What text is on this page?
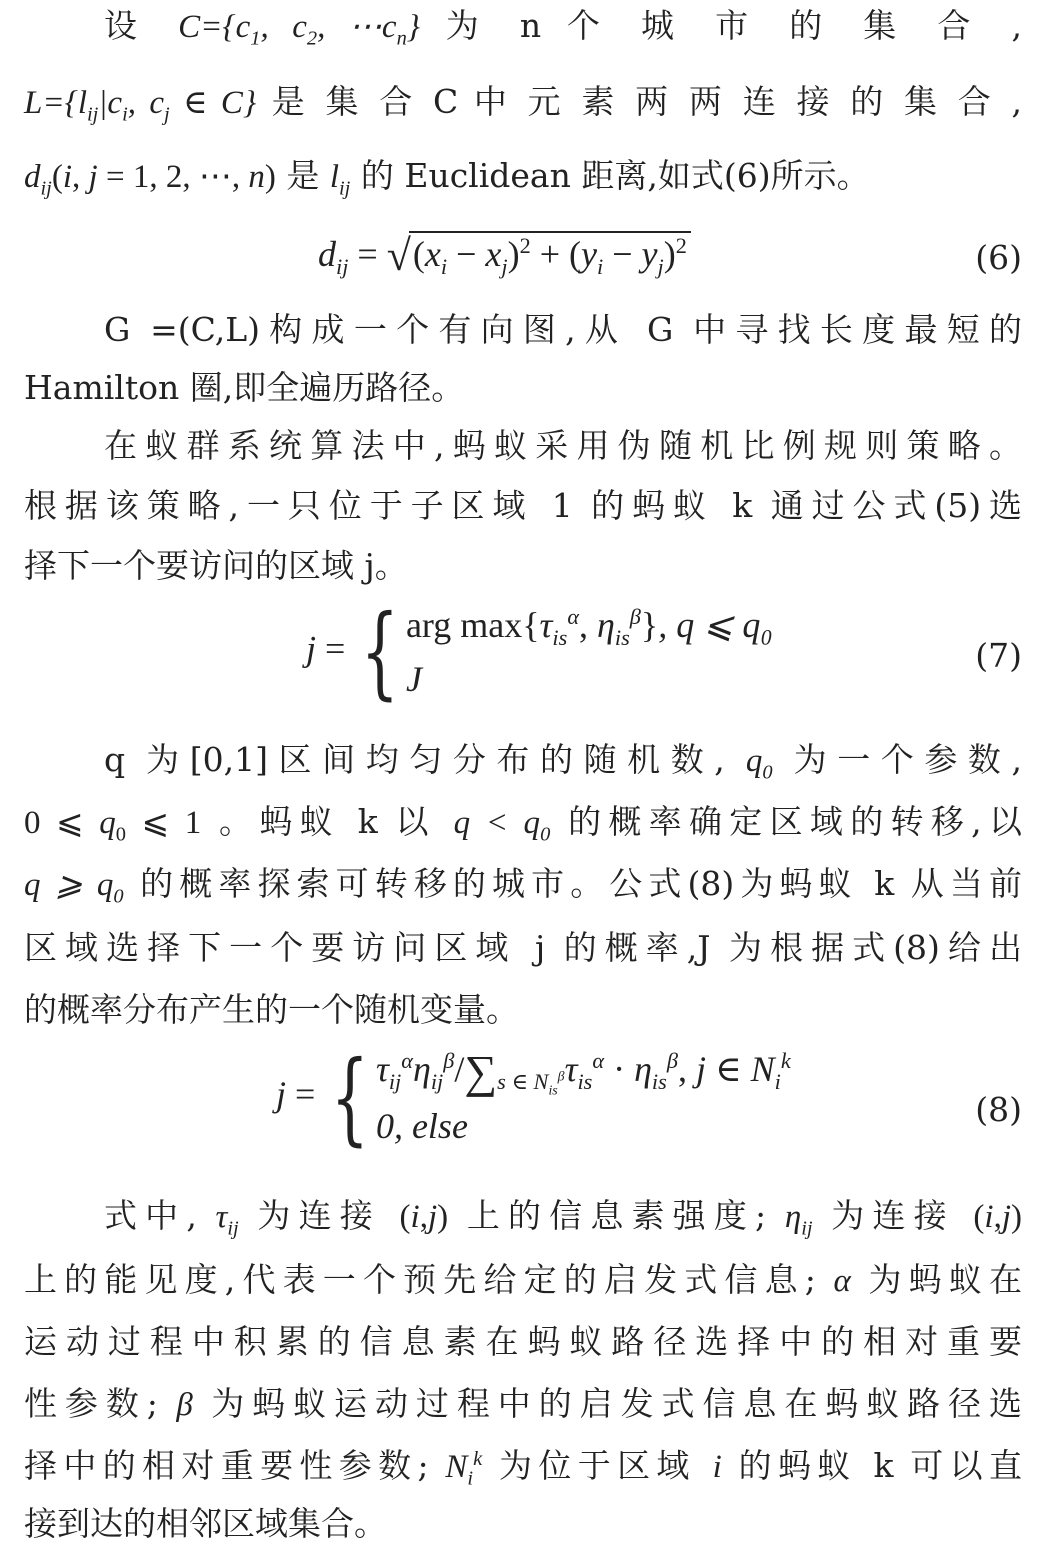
设 $C=\{c_1$, $c_2$, $\cdots c_n$} 为 n 个 城 市 的 集 合 ,
$L=\{l_{ij}|c_i$, $c_j$ ∈ C} 是 集 合 C 中 元 素 两 两 连 接 的 集 合 ,
$d_{ij}(i$, j = 1, 2, ⋯, n) 是 $l_{ij}$ 的 Euclidean 距离,如式(6)所示。
$d_{ij} = √(x_i - x_j)^2 + (y_i - y_j)^2$	(6)
G =(C,L)构成一个有向图,从 G 中寻找长度最短的
Hamilton 圈,即全遍历路径。
在蚁群系统算法中,蚂蚁采用伪随机比例规则策略。
根据该策略,一只位于子区域 1 的蚂蚁 k 通过公式(5)选
择下一个要访问的区域 j。
j = { arg $\max\{\tau_{is}^\alpha$, $\eta_{is}^\beta$}, q ⩽ q₀
J
(7)
q 为[0,1]区间均匀分布的随机数, $q_0$ 为一个参数,
0 ⩽ $q_0$ ⩽ 1 。蚂蚁 k 以 $q < q_0$ 的概率确定区域的转移,以
q ⩾ $q_0$ 的概率探索可转移的城市。公式(8)为蚂蚁 k 从当前
区域选择下一个要访问区域 j 的概率,J 为根据式(8)给出
的概率分布产生的一个随机变量。
j = { $\tau_{ij}^\alpha\eta_{ij}^\beta/\sum_{s \in N_{is}^\beta}\tau_{is}^\alpha \cdot \eta_{is}^\beta$, j ∈ $N_i^k$
0, else	(8)
式中, $\tau_{ij}$ 为连接 (i,j) 上的信息素强度; $\eta_{ij}$ 为连接 (i,j)
上的能见度,代表一个预先给定的启发式信息; α 为蚂蚁在
运动过程中积累的信息素在蚂蚁路径选择中的相对重要
性参数; β 为蚂蚁运动过程中的启发式信息在蚂蚁路径选
择中的相对重要性参数; $N_i^k$ 为位于区域 i 的蚂蚁 k 可以直
接到达的相邻区域集合。
